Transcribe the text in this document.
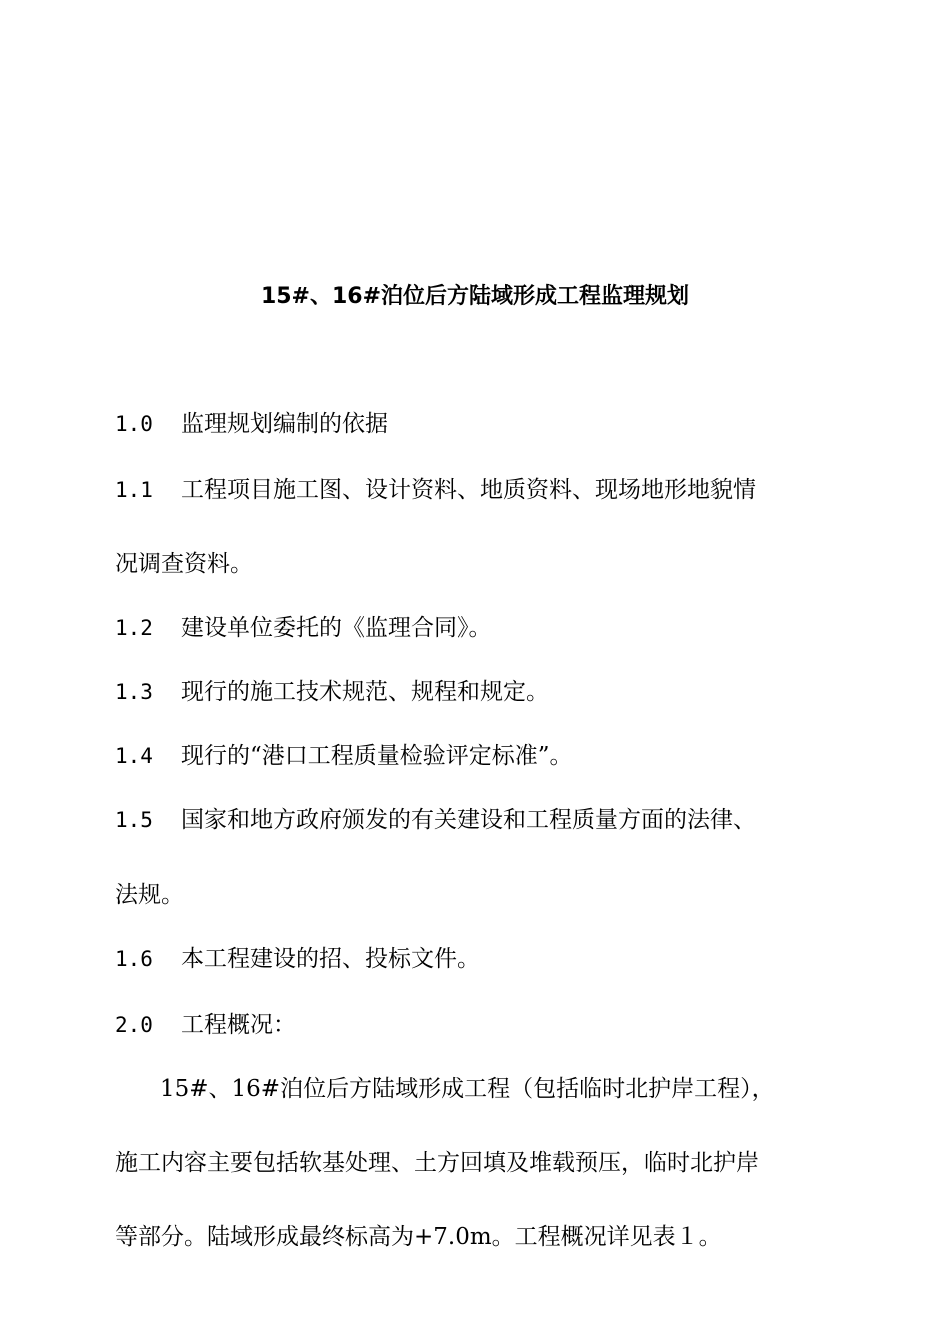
15#、16#泊位后方陆域形成工程监理规划
1.0 监理规划编制的依据
1.1 工程项目施工图、设计资料、地质资料、现场地形地貌情
况调查资料。
1.2 建设单位委托的《监理合同》。
1.3 现行的施工技术规范、规程和规定。
1.4 现行的“港口工程质量检验评定标准”。
1.5 国家和地方政府颁发的有关建设和工程质量方面的法律、
法规。
1.6 本工程建设的招、投标文件。
2.0 工程概况：
15#、16#泊位后方陆域形成工程（包括临时北护岸工程），
施工内容主要包括软基处理、土方回填及堆载预压，临时北护岸
等部分。陆域形成最终标高为+7.0m。工程概况详见表１。
